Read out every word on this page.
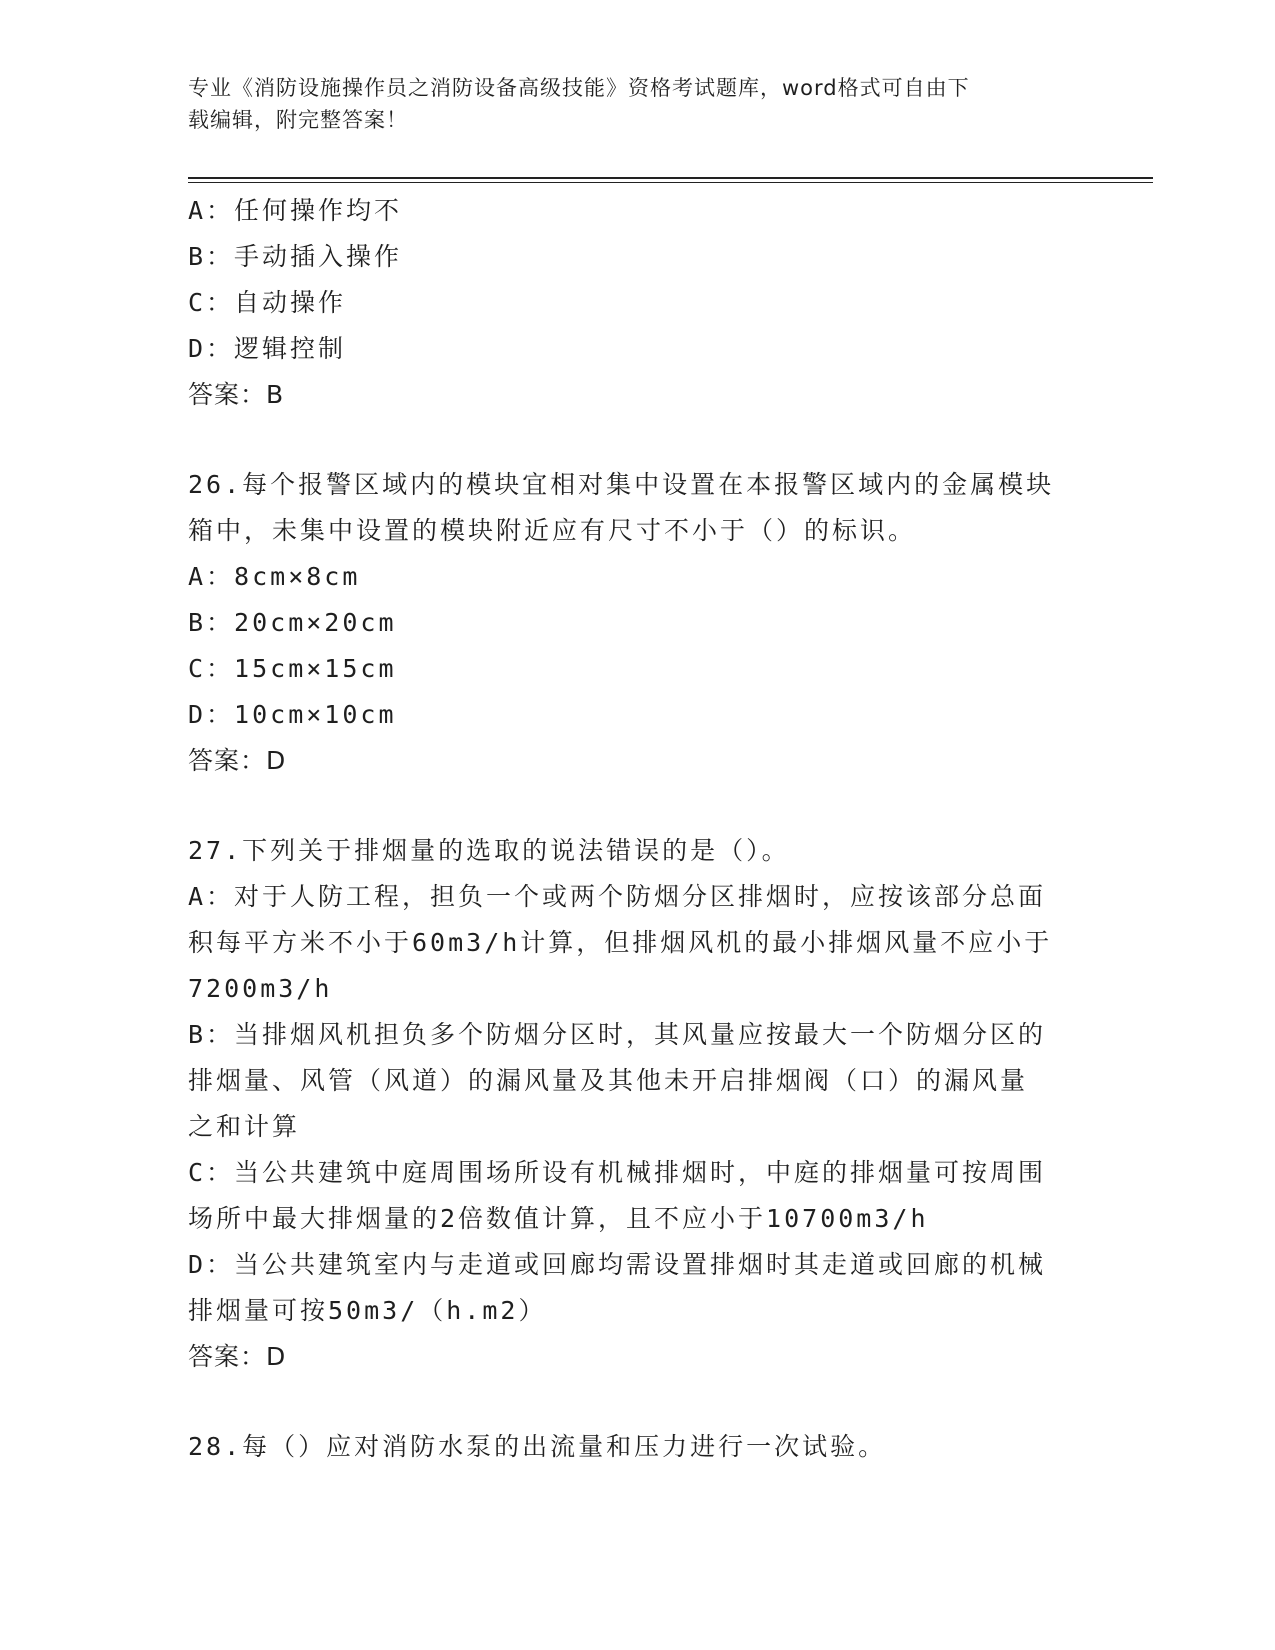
专业《消防设施操作员之消防设备高级技能》资格考试题库，word格式可自由下
载编辑，附完整答案！
A：任何操作均不
B：手动插入操作
C：自动操作
D：逻辑控制
答案：B
26.每个报警区域内的模块宜相对集中设置在本报警区域内的金属模块
箱中，未集中设置的模块附近应有尺寸不小于（）的标识。
A：8cm×8cm
B：20cm×20cm
C：15cm×15cm
D：10cm×10cm
答案：D
27.下列关于排烟量的选取的说法错误的是（）。
A：对于人防工程，担负一个或两个防烟分区排烟时，应按该部分总面
积每平方米不小于60m3/h计算，但排烟风机的最小排烟风量不应小于
7200m3/h
B：当排烟风机担负多个防烟分区时，其风量应按最大一个防烟分区的
排烟量、风管（风道）的漏风量及其他未开启排烟阀（口）的漏风量
之和计算
C：当公共建筑中庭周围场所设有机械排烟时，中庭的排烟量可按周围
场所中最大排烟量的2倍数值计算，且不应小于10700m3/h
D：当公共建筑室内与走道或回廊均需设置排烟时其走道或回廊的机械
排烟量可按50m3/（h.m2）
答案：D
28.每（）应对消防水泵的出流量和压力进行一次试验。
